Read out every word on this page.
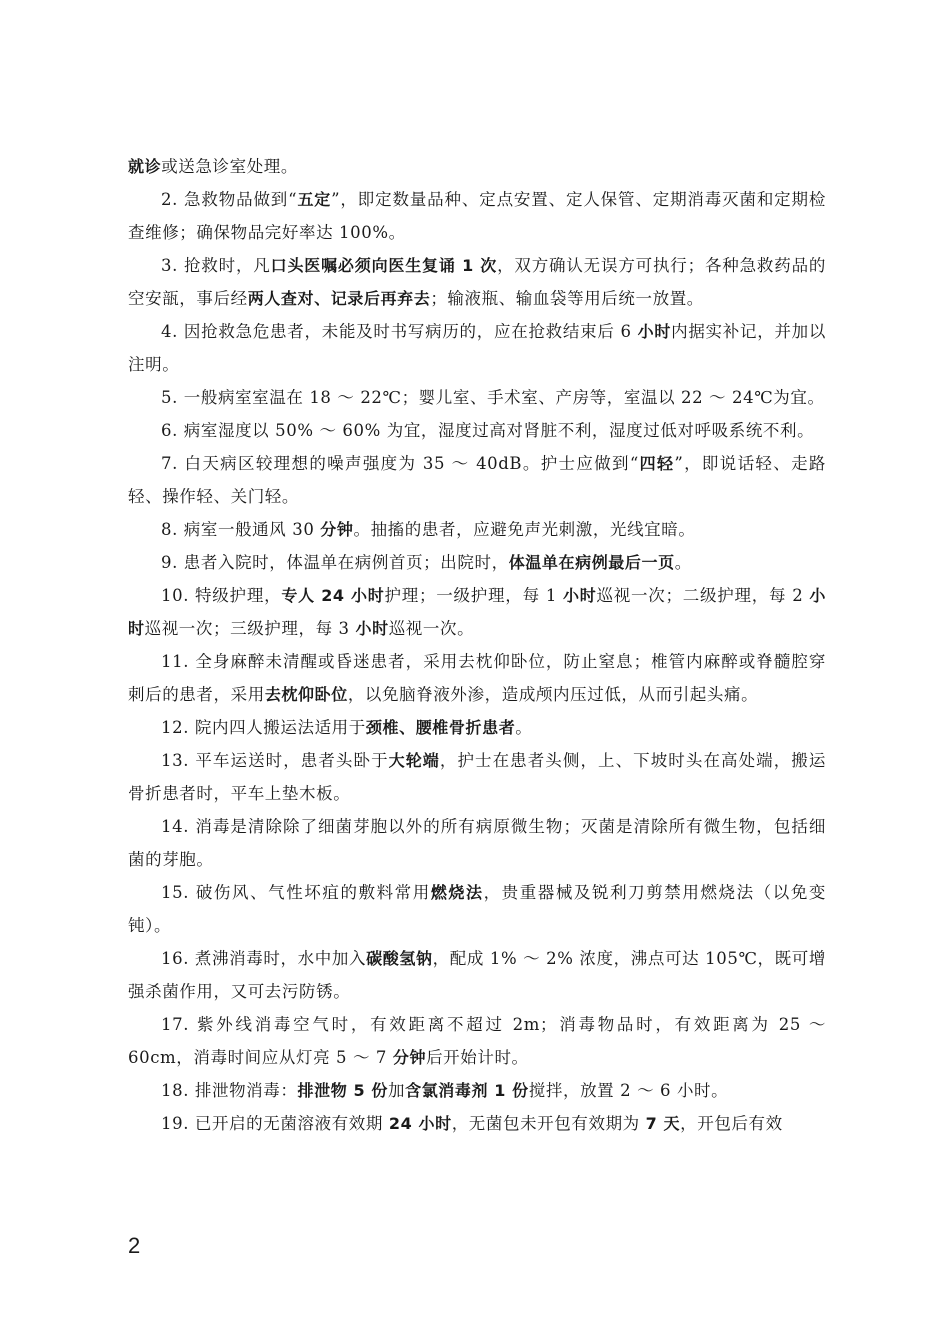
就诊或送急诊室处理。

2. 急救物品做到“五定”，即定数量品种、定点安置、定人保管、定期消毒灭菌和定期检查维修；确保物品完好率达 100%。

3. 抢救时，凡口头医嘱必须向医生复诵 1 次，双方确认无误方可执行；各种急救药品的空安瓿，事后经两人查对、记录后再弃去；输液瓶、输血袋等用后统一放置。

4. 因抢救急危患者，未能及时书写病历的，应在抢救结束后 6 小时内据实补记，并加以注明。

5. 一般病室室温在 18 ～ 22℃；婴儿室、手术室、产房等，室温以 22 ～ 24℃为宜。

6. 病室湿度以 50% ～ 60% 为宜，湿度过高对肾脏不利，湿度过低对呼吸系统不利。

7. 白天病区较理想的噪声强度为 35 ～ 40dB。护士应做到“四轻”，即说话轻、走路轻、操作轻、关门轻。

8. 病室一般通风 30 分钟。抽搐的患者，应避免声光刺激，光线宜暗。

9. 患者入院时，体温单在病例首页；出院时，体温单在病例最后一页。

10. 特级护理，专人 24 小时护理；一级护理，每 1 小时巡视一次；二级护理，每 2 小时巡视一次；三级护理，每 3 小时巡视一次。

11. 全身麻醉未清醒或昏迷患者，采用去枕仰卧位，防止窒息；椎管内麻醉或脊髓腔穿刺后的患者，采用去枕仰卧位，以免脑脊液外渗，造成颅内压过低，从而引起头痛。

12. 院内四人搬运法适用于颈椎、腰椎骨折患者。

13. 平车运送时，患者头卧于大轮端，护士在患者头侧，上、下坡时头在高处端，搬运骨折患者时，平车上垫木板。

14. 消毒是清除除了细菌芽胞以外的所有病原微生物；灭菌是清除所有微生物，包括细菌的芽胞。

15. 破伤风、气性坏疽的敷料常用燃烧法，贵重器械及锐利刀剪禁用燃烧法（以免变钝）。

16. 煮沸消毒时，水中加入碳酸氢钠，配成 1% ～ 2% 浓度，沸点可达 105℃，既可增强杀菌作用，又可去污防锈。

17. 紫外线消毒空气时，有效距离不超过 2m；消毒物品时，有效距离为 25 ～ 60cm，消毒时间应从灯亮 5 ～ 7 分钟后开始计时。

18. 排泄物消毒：排泄物 5 份加含氯消毒剂 1 份搅拌，放置 2 ～ 6 小时。

19. 已开启的无菌溶液有效期 24 小时，无菌包未开包有效期为 7 天，开包后有效

2
